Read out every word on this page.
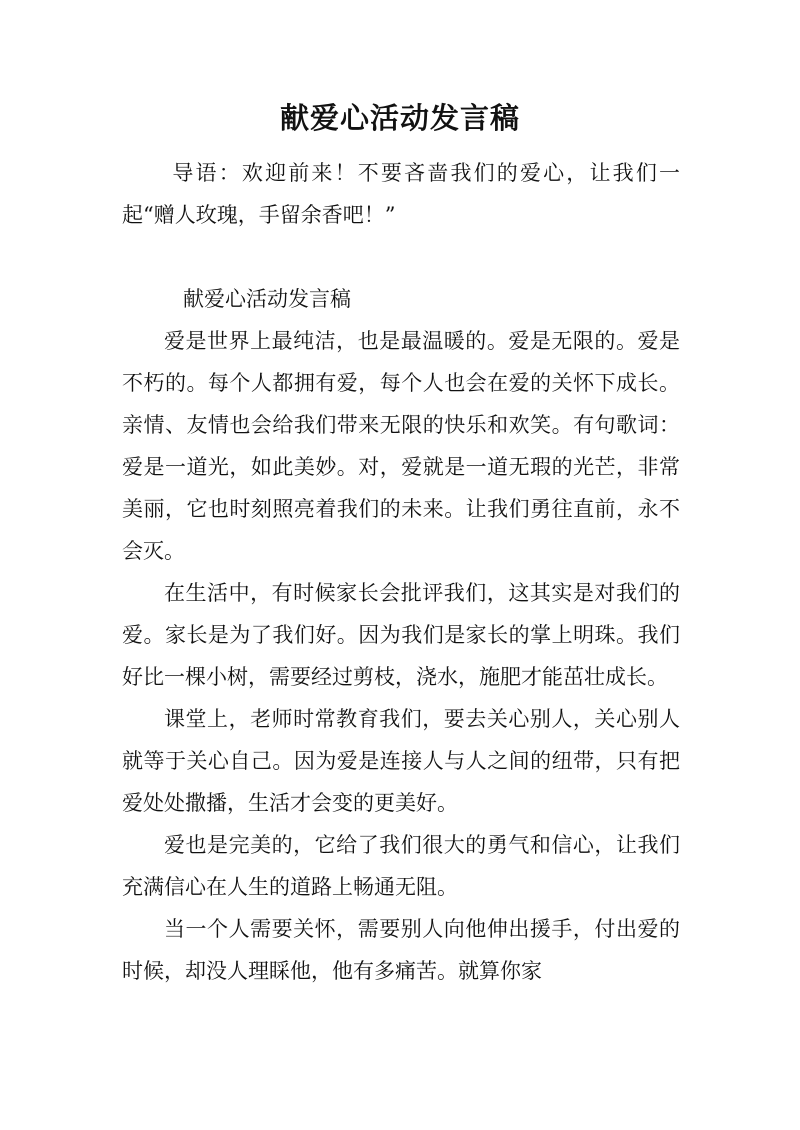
献爱心活动发言稿

导语：欢迎前来！不要吝啬我们的爱心，让我们一起“赠人玫瑰，手留余香吧！”

献爱心活动发言稿

爱是世界上最纯洁，也是最温暖的。爱是无限的。爱是不朽的。每个人都拥有爱，每个人也会在爱的关怀下成长。亲情、友情也会给我们带来无限的快乐和欢笑。有句歌词：爱是一道光，如此美妙。对，爱就是一道无瑕的光芒，非常美丽，它也时刻照亮着我们的未来。让我们勇往直前，永不会灭。

在生活中，有时候家长会批评我们，这其实是对我们的爱。家长是为了我们好。因为我们是家长的掌上明珠。我们好比一棵小树，需要经过剪枝，浇水，施肥才能茁壮成长。

课堂上，老师时常教育我们，要去关心别人，关心别人就等于关心自己。因为爱是连接人与人之间的纽带，只有把爱处处撒播，生活才会变的更美好。

爱也是完美的，它给了我们很大的勇气和信心，让我们充满信心在人生的道路上畅通无阻。

当一个人需要关怀，需要别人向他伸出援手，付出爱的时候，却没人理睬他，他有多痛苦。就算你家
